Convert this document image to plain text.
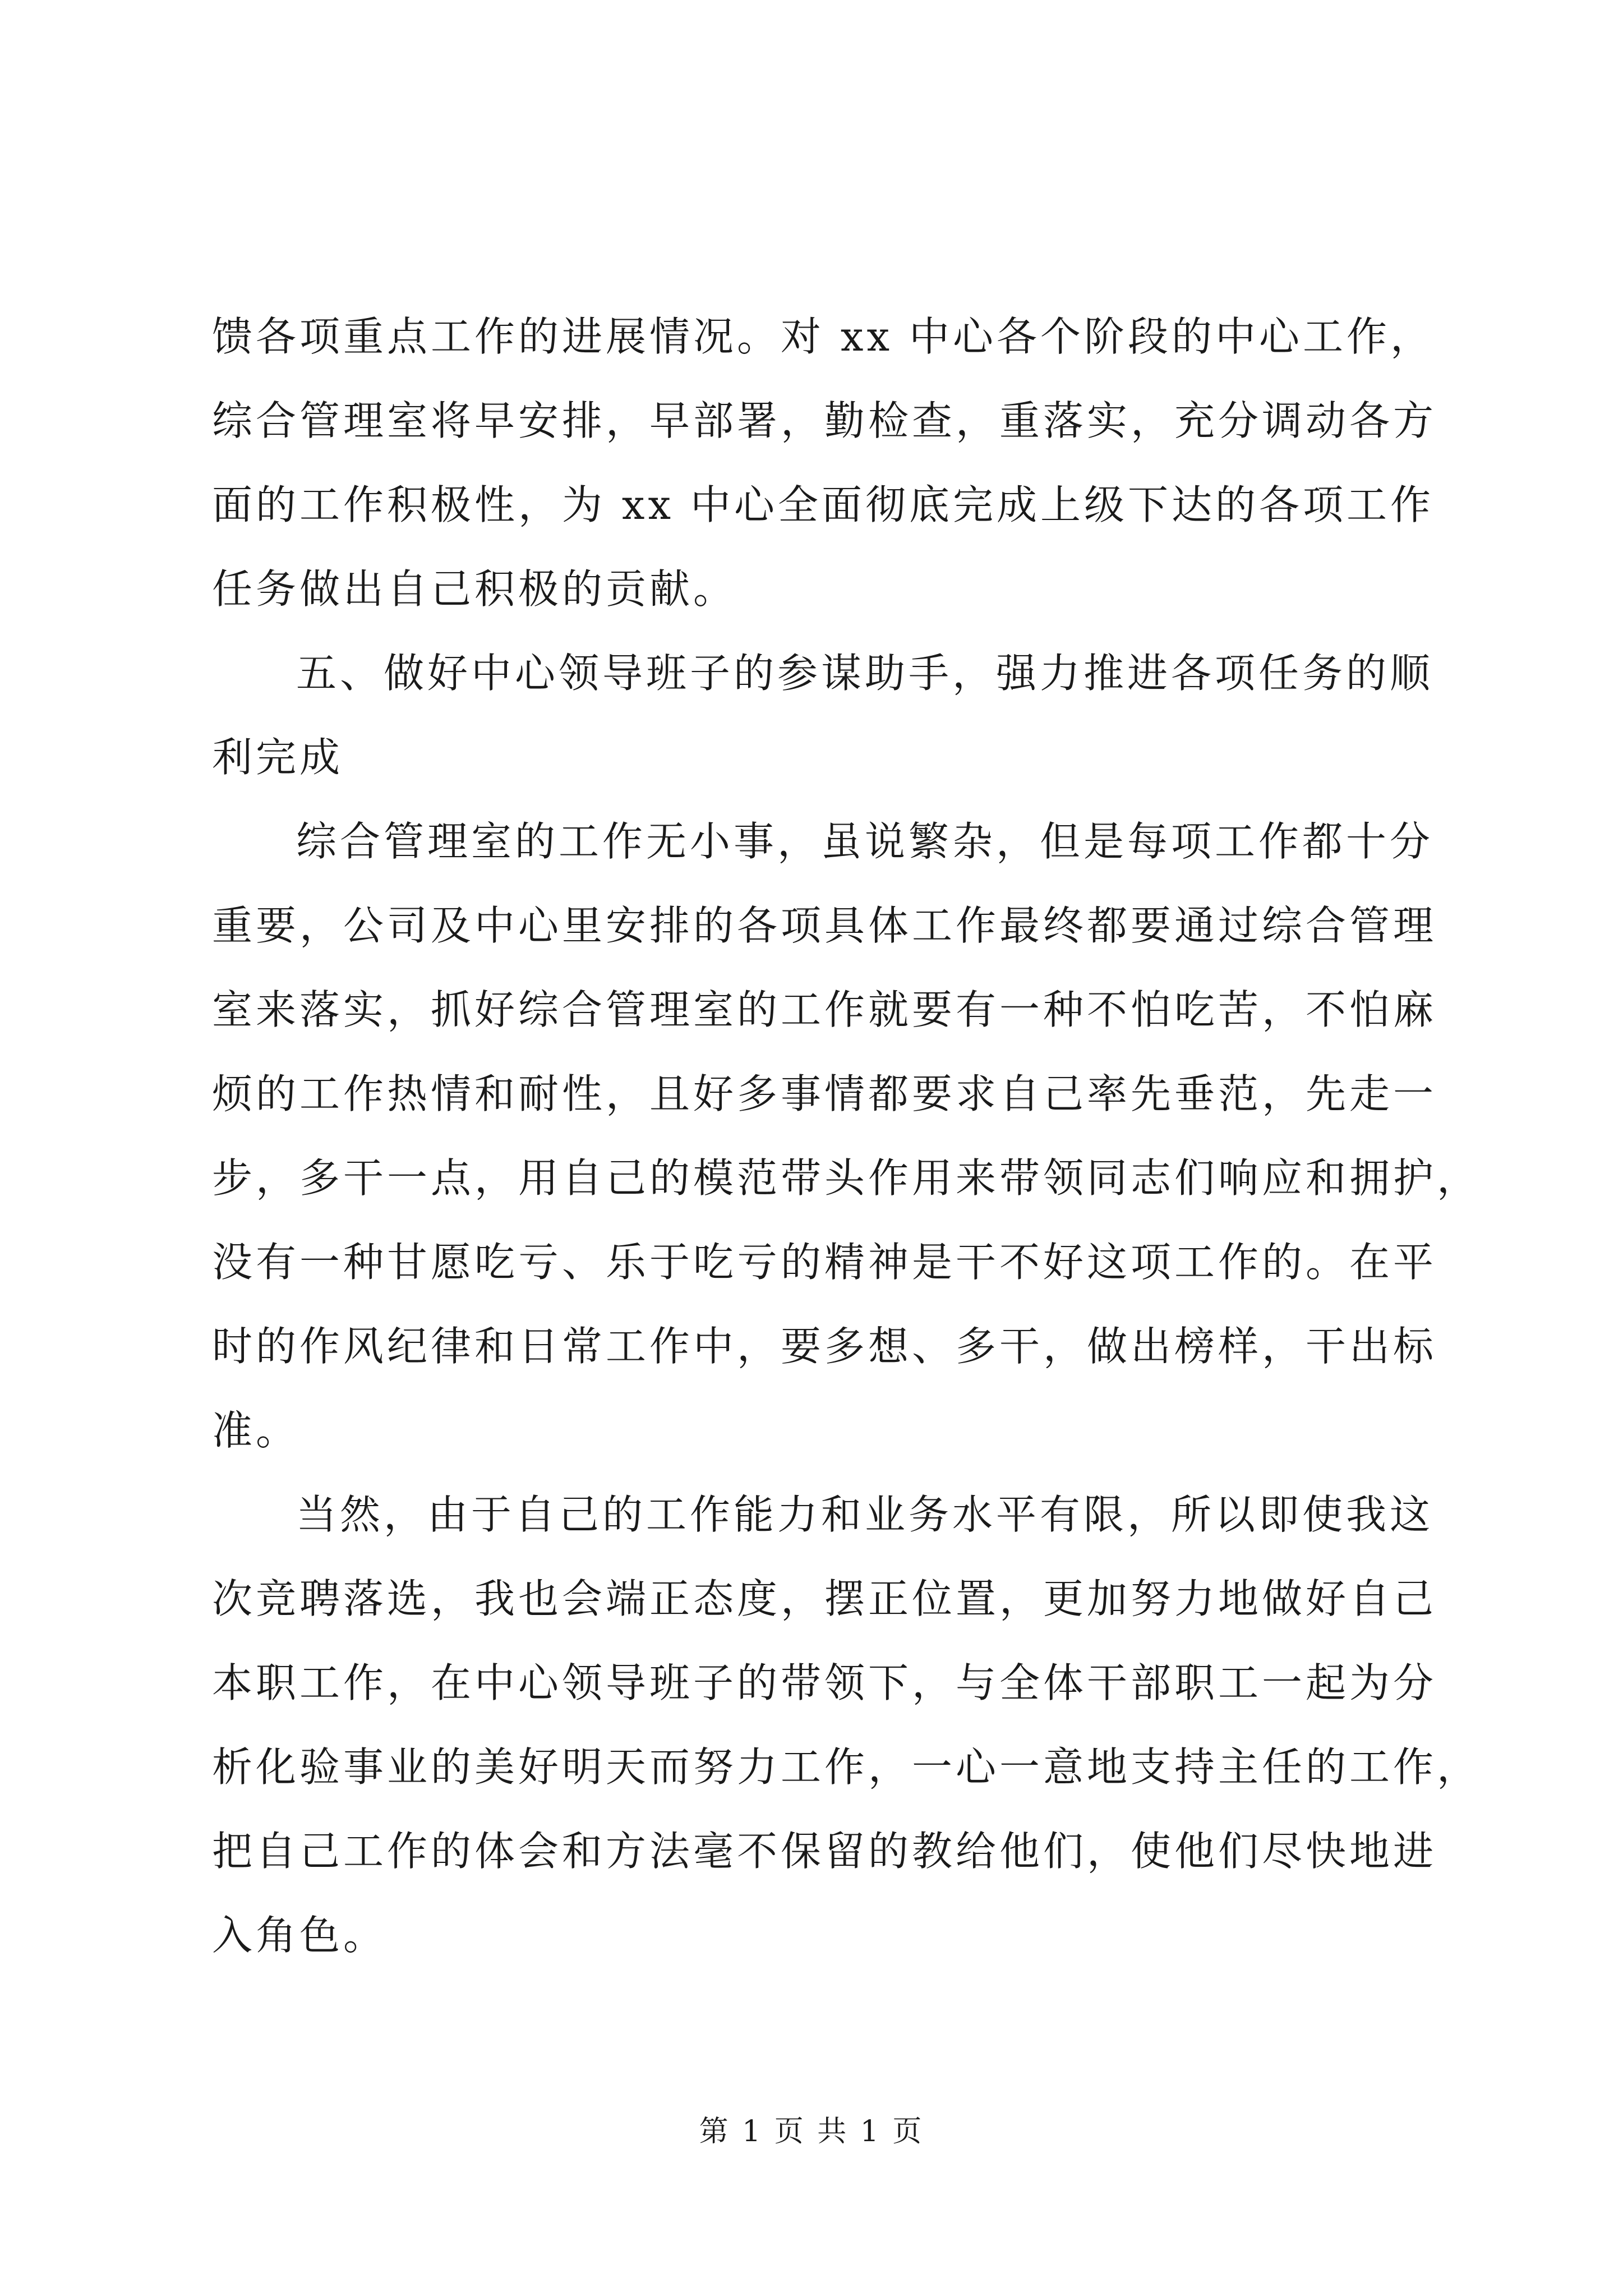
馈各项重点工作的进展情况。对 xx 中心各个阶段的中心工作，
综合管理室将早安排，早部署，勤检查，重落实，充分调动各方
面的工作积极性，为 xx 中心全面彻底完成上级下达的各项工作
任务做出自己积极的贡献。
五、做好中心领导班子的参谋助手，强力推进各项任务的顺
利完成
综合管理室的工作无小事，虽说繁杂，但是每项工作都十分
重要，公司及中心里安排的各项具体工作最终都要通过综合管理
室来落实，抓好综合管理室的工作就要有一种不怕吃苦，不怕麻
烦的工作热情和耐性，且好多事情都要求自己率先垂范，先走一
步，多干一点，用自己的模范带头作用来带领同志们响应和拥护，
没有一种甘愿吃亏、乐于吃亏的精神是干不好这项工作的。在平
时的作风纪律和日常工作中，要多想、多干，做出榜样，干出标
准。
当然，由于自己的工作能力和业务水平有限，所以即使我这
次竞聘落选，我也会端正态度，摆正位置，更加努力地做好自己
本职工作，在中心领导班子的带领下，与全体干部职工一起为分
析化验事业的美好明天而努力工作，一心一意地支持主任的工作，
把自己工作的体会和方法毫不保留的教给他们，使他们尽快地进
入角色。
第 1 页 共 1 页
